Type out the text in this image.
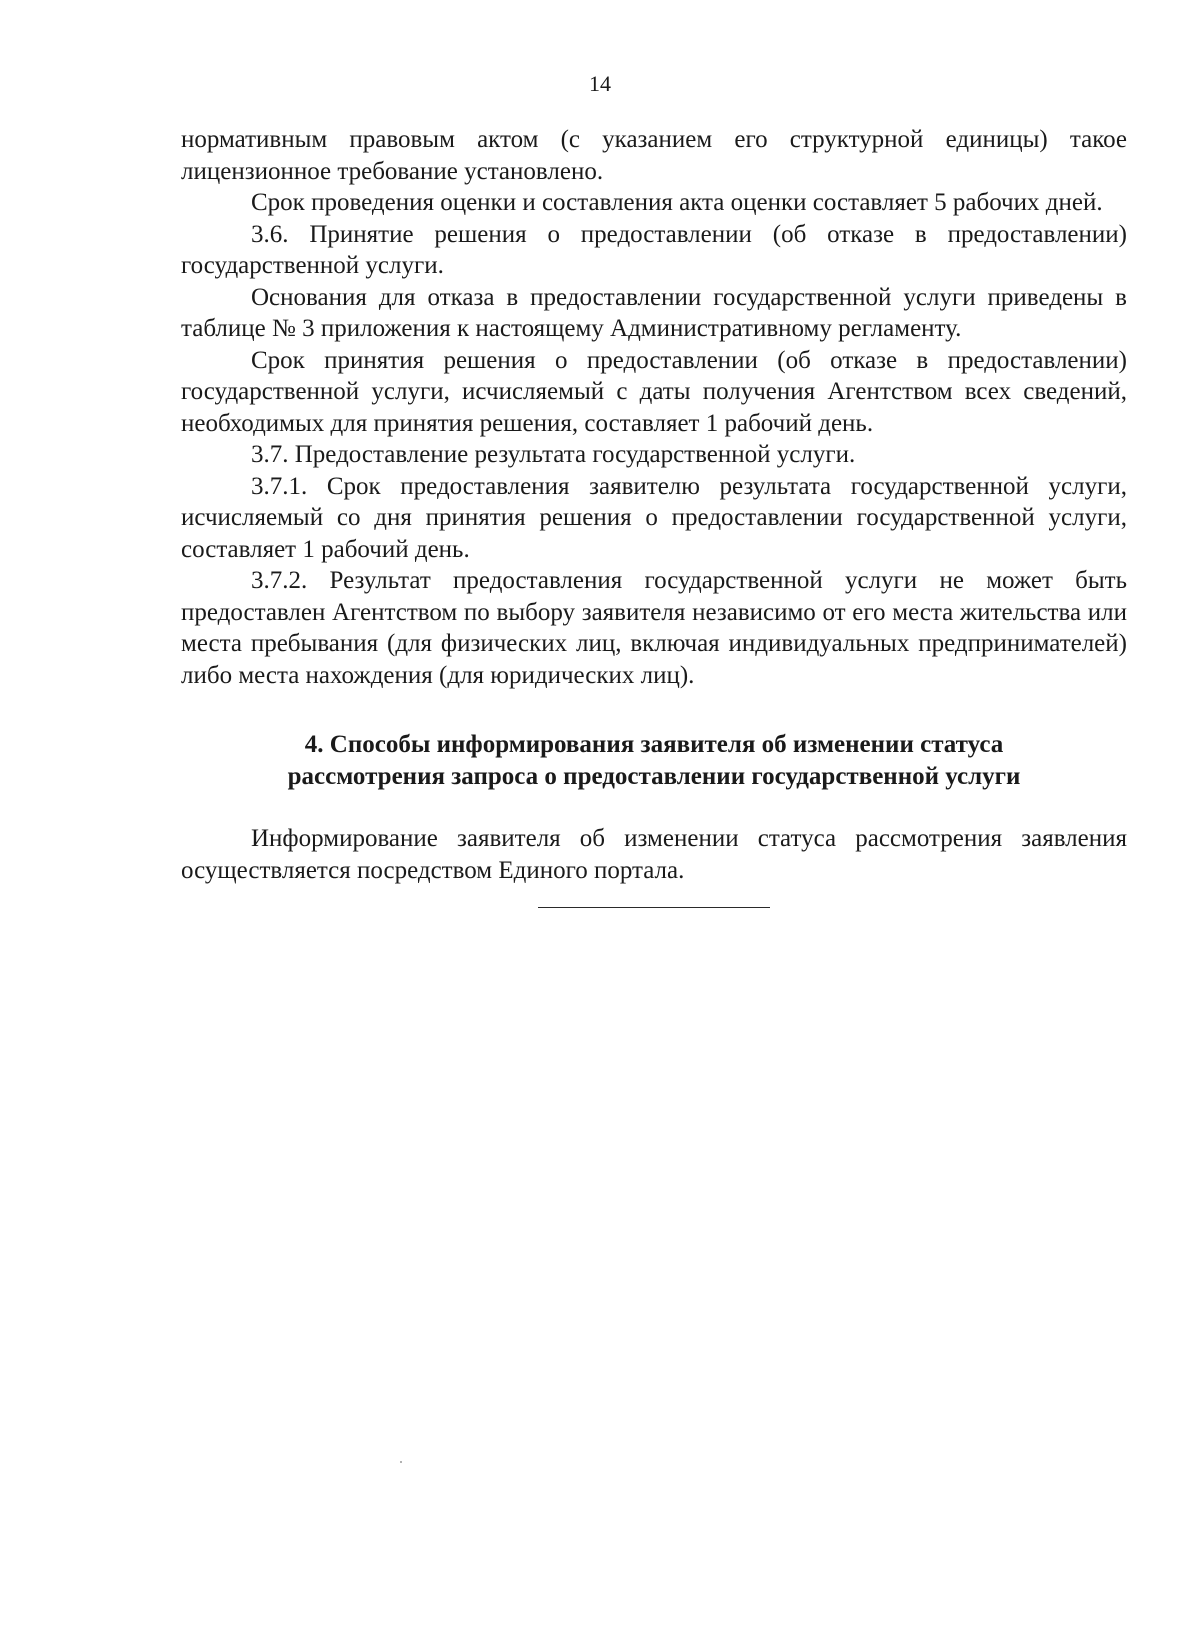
14

нормативным правовым актом (с указанием его структурной единицы) такое лицензионное требование установлено.

Срок проведения оценки и составления акта оценки составляет 5 рабочих дней.

3.6. Принятие решения о предоставлении (об отказе в предоставлении) государственной услуги.

Основания для отказа в предоставлении государственной услуги приведены в таблице № 3 приложения к настоящему Административному регламенту.

Срок принятия решения о предоставлении (об отказе в предоставлении) государственной услуги, исчисляемый с даты получения Агентством всех сведений, необходимых для принятия решения, составляет 1 рабочий день.

3.7. Предоставление результата государственной услуги.

3.7.1. Срок предоставления заявителю результата государственной услуги, исчисляемый со дня принятия решения о предоставлении государственной услуги, составляет 1 рабочий день.

3.7.2. Результат предоставления государственной услуги не может быть предоставлен Агентством по выбору заявителя независимо от его места жительства или места пребывания (для физических лиц, включая индивидуальных предпринимателей) либо места нахождения (для юридических лиц).

4. Способы информирования заявителя об изменении статуса
рассмотрения запроса о предоставлении государственной услуги

Информирование заявителя об изменении статуса рассмотрения заявления осуществляется посредством Единого портала.
